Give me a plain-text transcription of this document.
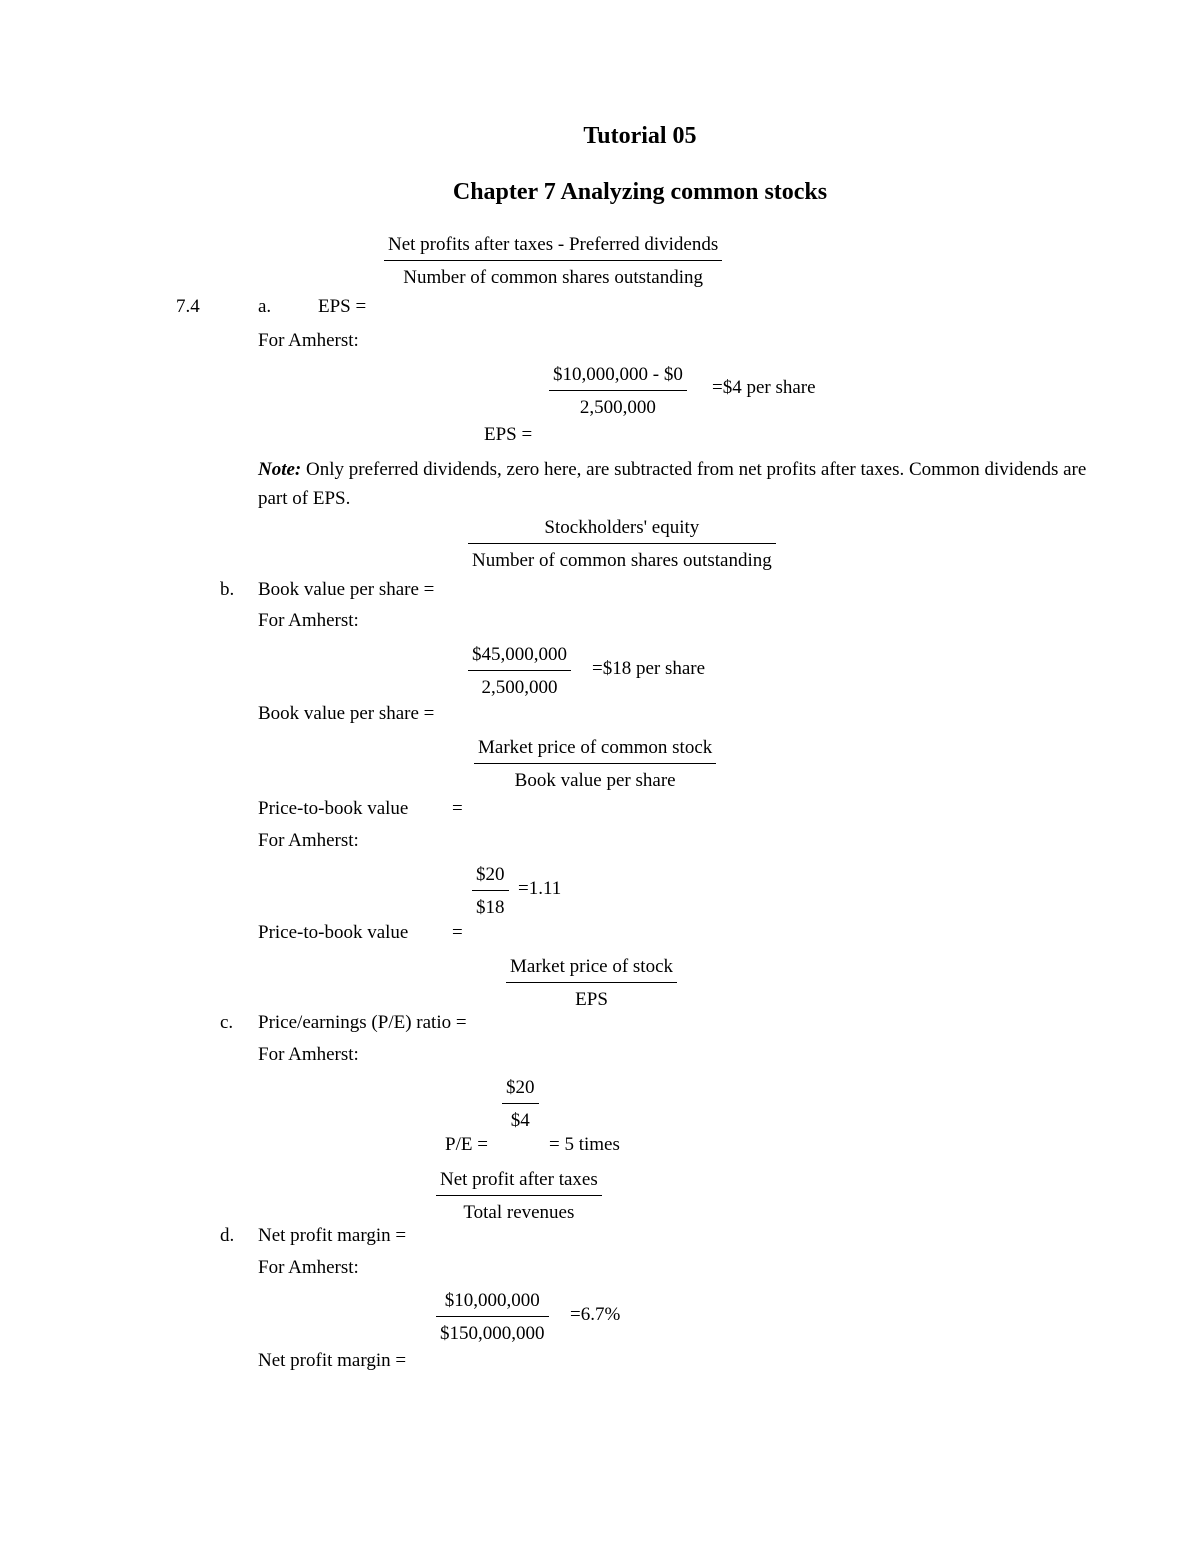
Tutorial 05
Chapter 7 Analyzing common stocks
Net profits after taxes - Preferred dividends
Number of common shares outstanding
7.4	a. EPS =
For Amherst:
$\frac{\$10,000,000 - \$0}{2,500,000}$ =$4 per share
EPS =
Note: Only preferred dividends, zero here, are subtracted from net profits after taxes. Common dividends are part of EPS.
Stockholders' equity
Number of common shares outstanding
b. Book value per share =
For Amherst:
$\frac{\$45,000,000}{2,500,000}$ =$18 per share
Book value per share =
Market price of common stock
Book value per share
Price-to-book value =
For Amherst:
$\frac{\$20}{\$18} =1.11$
Price-to-book value =
Market price of stock
EPS
c. Price/earnings (P/E) ratio =
For Amherst:
$\frac{\$20}{\$4}$
P/E =	= 5 times
Net profit after taxes
Total revenues
d. Net profit margin =
For Amherst:
$\frac{\$10,000,000}{\$150,000,000} =6.7\%$
Net profit margin =
